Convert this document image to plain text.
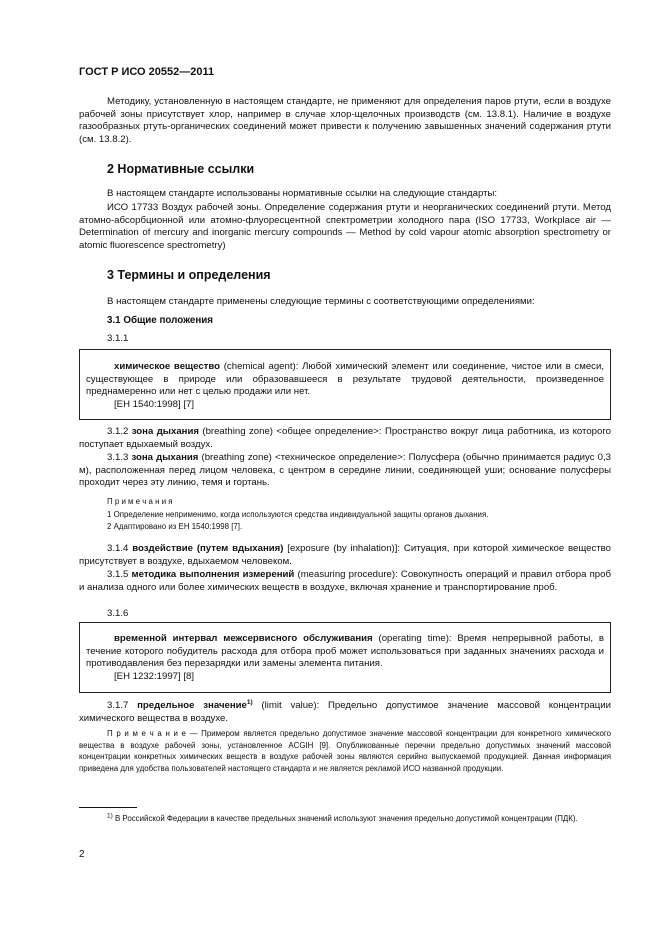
ГОСТ Р ИСО 20552—2011

Методику, установленную в настоящем стандарте, не применяют для определения паров ртути, если в воздухе рабочей зоны присутствует хлор, например в случае хлор-щелочных производств (см. 13.8.1). Наличие в воздухе газообразных ртуть-органических соединений может привести к получению завышенных значений содержания ртути (см. 13.8.2).

2 Нормативные ссылки

В настоящем стандарте использованы нормативные ссылки на следующие стандарты:

ИСО 17733 Воздух рабочей зоны. Определение содержания ртути и неорганических соединений ртути. Метод атомно-абсорбционной или атомно-флуоресцентной спектрометрии холодного пара (ISO 17733, Workplace air — Determination of mercury and inorganic mercury compounds — Method by cold vapour atomic absorption spectrometry or atomic fluorescence spectrometry)

3 Термины и определения

В настоящем стандарте применены следующие термины с соответствующими определениями:

3.1 Общие положения

3.1.1

химическое вещество (chemical agent): Любой химический элемент или соединение, чистое или в смеси, существующее в природе или образовавшееся в результате трудовой деятельности, произведенное преднамеренно или нет с целью продажи или нет.

[ЕН 1540:1998] [7]

3.1.2 зона дыхания (breathing zone) <общее определение>: Пространство вокруг лица работника, из которого поступает вдыхаемый воздух.

3.1.3 зона дыхания (breathing zone) <техническое определение>: Полусфера (обычно принимается радиус 0,3 м), расположенная перед лицом человека, с центром в середине линии, соединяющей уши; основание полусферы проходит через эту линию, темя и гортань.

П р и м е ч а н и я

1 Определение неприменимо, когда используются средства индивидуальной защиты органов дыхания.

2 Адаптировано из ЕН 1540:1998 [7].

3.1.4 воздействие (путем вдыхания) [exposure (by inhalation)]: Ситуация, при которой химическое вещество присутствует в воздухе, вдыхаемом человеком.

3.1.5 методика выполнения измерений (measuring procedure): Совокупность операций и правил отбора проб и анализа одного или более химических веществ в воздухе, включая хранение и транспортирование проб.

3.1.6

временной интервал межсервисного обслуживания (operating time): Время непрерывной работы, в течение которого побудитель расхода для отбора проб может использоваться при заданных значениях расхода и противодавления без перезарядки или замены элемента питания.

[ЕН 1232:1997] [8]

3.1.7 предельное значение$^{1)}$ (limit value): Предельно допустимое значение массовой концентрации химического вещества в воздухе.

П р и м е ч а н и е — Примером является предельно допустимое значение массовой концентрации для конкретного химического вещества в воздухе рабочей зоны, установленное ACGIH [9]. Опубликованные перечни предельно допустимых значений массовой концентрации конкретных химических веществ в воздухе рабочей зоны являются серийно выпускаемой продукцией. Данная информация приведена для удобства пользователей настоящего стандарта и не является рекламой ИСО названной продукции.

$^{1)}$ В Российской Федерации в качестве предельных значений используют значения предельно допустимой концентрации (ПДК).

2
